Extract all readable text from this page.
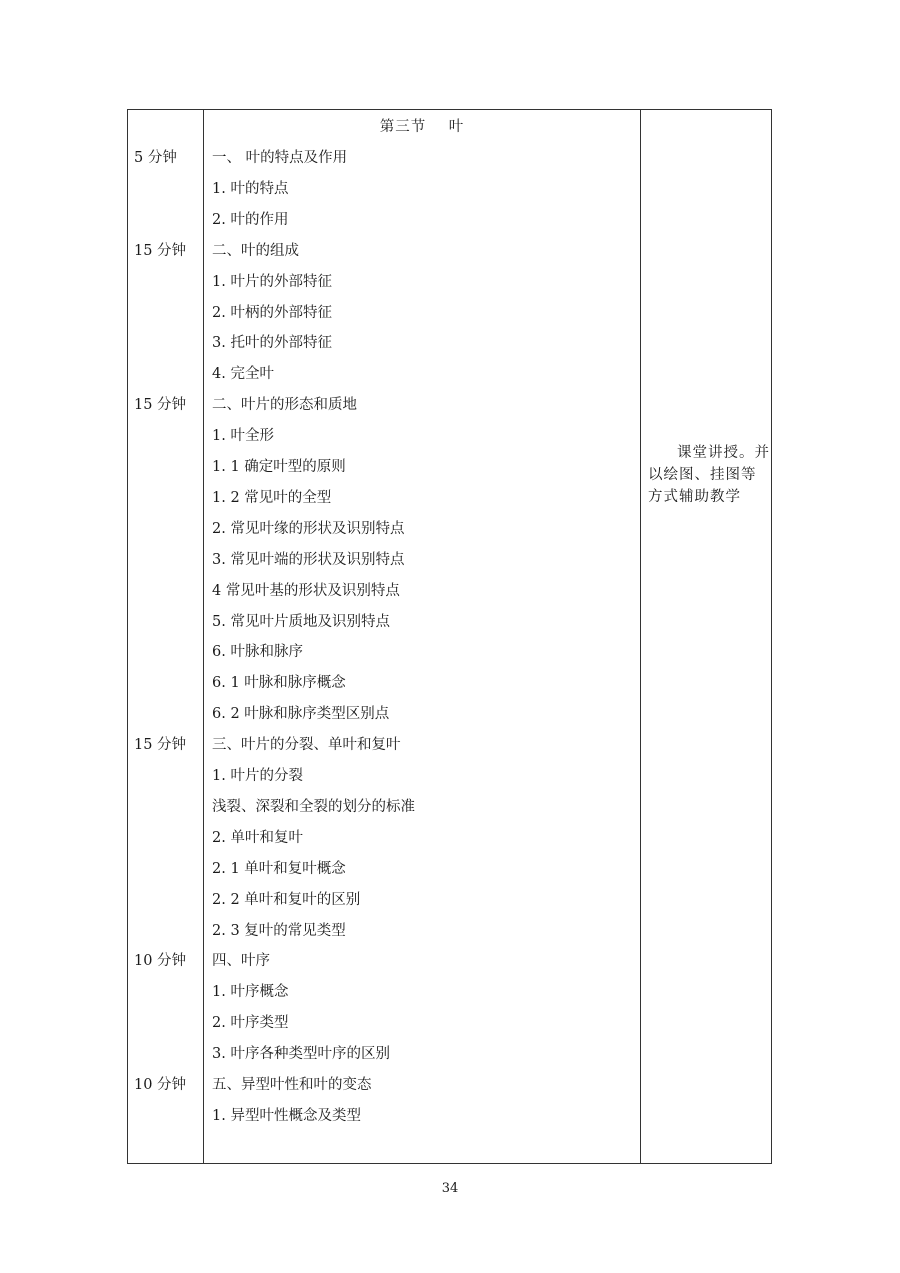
5 分钟
15 分钟
15 分钟
15 分钟
10 分钟
10 分钟
第三节    叶
一、 叶的特点及作用
1. 叶的特点
2. 叶的作用
二、叶的组成
1. 叶片的外部特征
2. 叶柄的外部特征
3. 托叶的外部特征
4. 完全叶
二、叶片的形态和质地
1. 叶全形
1. 1 确定叶型的原则
1. 2 常见叶的全型
2. 常见叶缘的形状及识别特点
3. 常见叶端的形状及识别特点
4 常见叶基的形状及识别特点
5. 常见叶片质地及识别特点
6. 叶脉和脉序
6. 1 叶脉和脉序概念
6. 2 叶脉和脉序类型区别点
三、叶片的分裂、单叶和复叶
1. 叶片的分裂
浅裂、深裂和全裂的划分的标准
2. 单叶和复叶
2. 1 单叶和复叶概念
2. 2 单叶和复叶的区别
2. 3 复叶的常见类型
四、叶序
1. 叶序概念
2. 叶序类型
3. 叶序各种类型叶序的区别
五、异型叶性和叶的变态
1. 异型叶性概念及类型
课堂讲授。并以绘图、挂图等方式辅助教学
34
